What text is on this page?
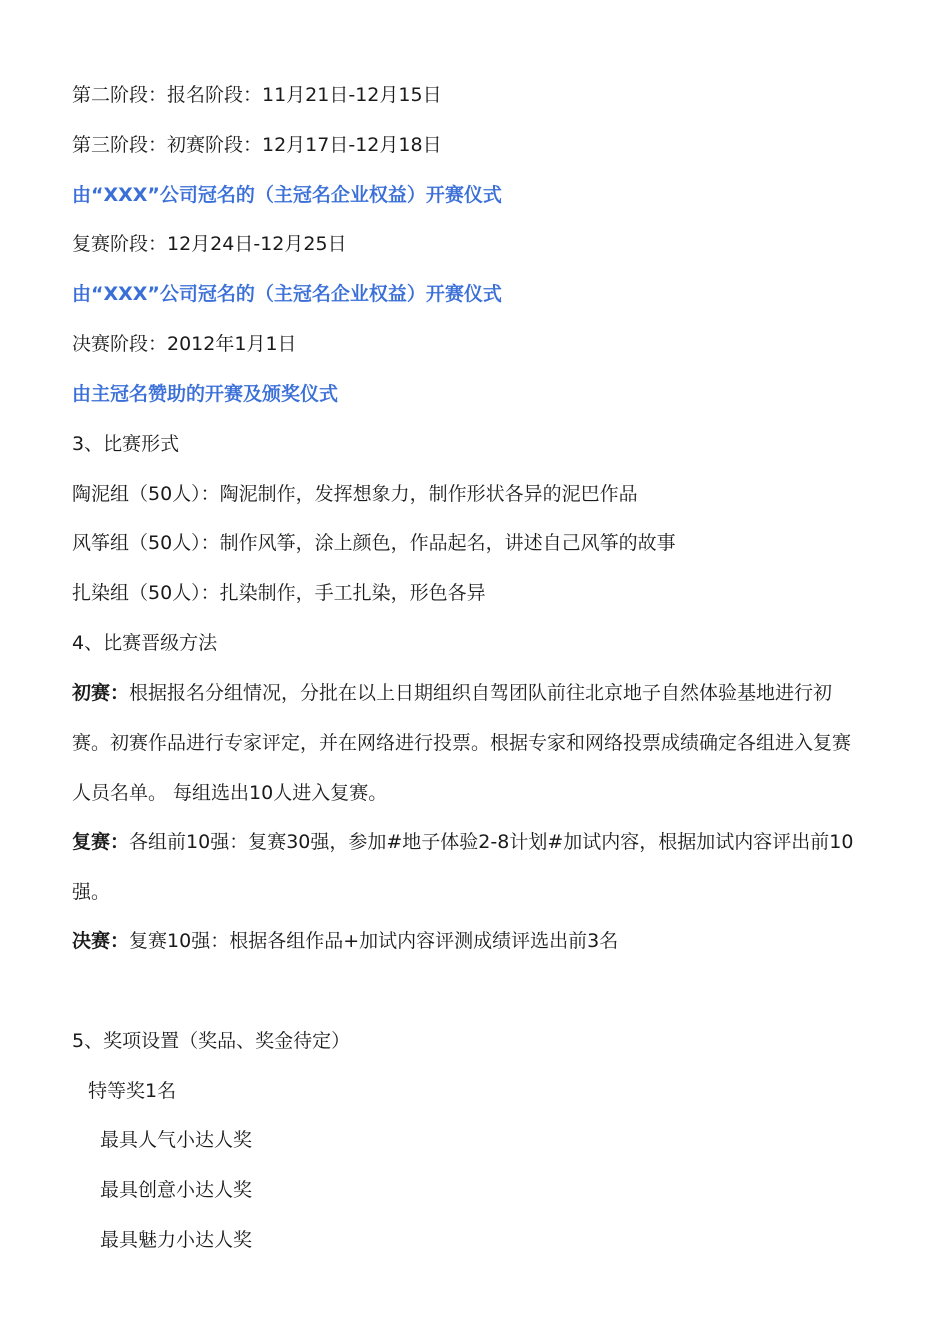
第二阶段：报名阶段：11月21日-12月15日
第三阶段：初赛阶段：12月17日-12月18日
由“XXX”公司冠名的（主冠名企业权益）开赛仪式
复赛阶段：12月24日-12月25日
由“XXX”公司冠名的（主冠名企业权益）开赛仪式
决赛阶段：2012年1月1日
由主冠名赞助的开赛及颁奖仪式
3、比赛形式
陶泥组（50人）：陶泥制作，发挥想象力，制作形状各异的泥巴作品
风筝组（50人）：制作风筝，涂上颜色，作品起名，讲述自己风筝的故事
扎染组（50人）：扎染制作，手工扎染，形色各异
4、比赛晋级方法
初赛：根据报名分组情况，分批在以上日期组织自驾团队前往北京地子自然体验基地进行初赛。初赛作品进行专家评定，并在网络进行投票。根据专家和网络投票成绩确定各组进入复赛人员名单。 每组选出10人进入复赛。
复赛：各组前10强：复赛30强，参加#地子体验2-8计划#加试内容，根据加试内容评出前10强。
决赛：复赛10强：根据各组作品+加试内容评测成绩评选出前3名
5、奖项设置（奖品、奖金待定）
特等奖1名
最具人气小达人奖
最具创意小达人奖
最具魅力小达人奖
